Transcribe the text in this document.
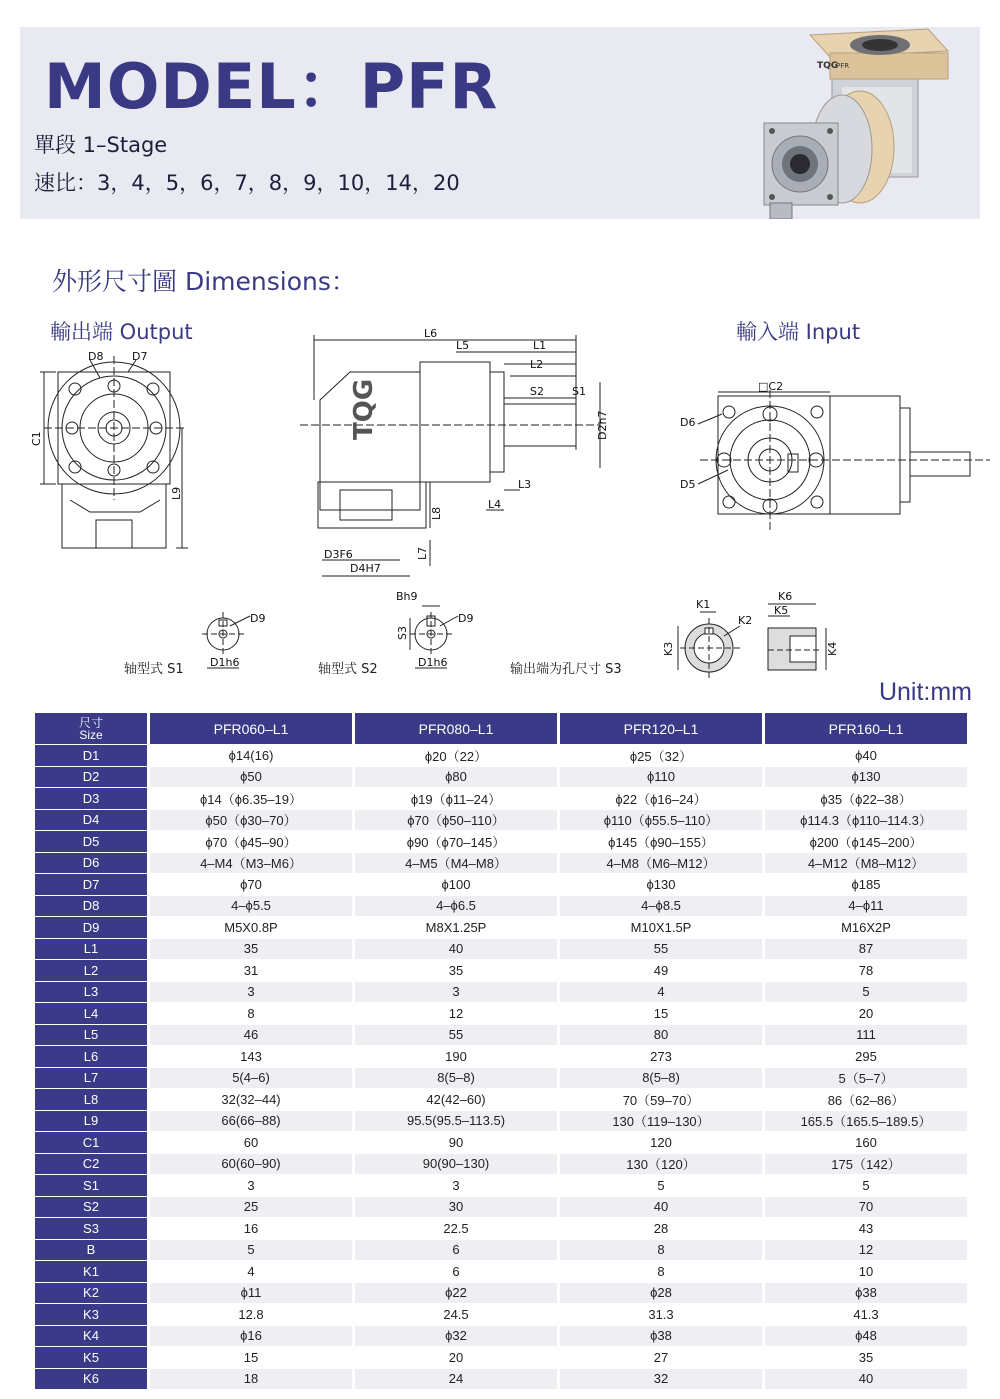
MODEL：PFR
單段 1–Stage
速比：3，4，5，6，7，8，9，10，14，20
TQG
PFR
外形尺寸圖 Dimensions：
輸出端 Output	輸入端 Input
D8	D7
C1
L9
L6
L5	L1
L2
S2	S1
D2h7
L3
L4
L8
L7
D3F6
D4H7
TQG	□C2
D6
D5
D9
D1h6
Bh9
S3
D9
D1h6
K1
K2
K3	K4
K5
K6
轴型式 S1	轴型式 S2	输出端为孔尺寸 S3
Unit:mm
尺寸
Size	PFR060–L1	PFR080–L1	PFR120–L1	PFR160–L1
D1	ϕ14(16)	ϕ20（22）	ϕ25（32）	ϕ40
D2	ϕ50	ϕ80	ϕ110	ϕ130
D3	ϕ14（ϕ6.35–19）	ϕ19（ϕ11–24）	ϕ22（ϕ16–24）	ϕ35（ϕ22–38）
D4	ϕ50（ϕ30–70）	ϕ70（ϕ50–110）	ϕ110（ϕ55.5–110）	ϕ114.3（ϕ110–114.3）
D5	ϕ70（ϕ45–90）	ϕ90（ϕ70–145）	ϕ145（ϕ90–155）	ϕ200（ϕ145–200）
D6	4–M4（M3–M6）	4–M5（M4–M8）	4–M8（M6–M12）	4–M12（M8–M12）
D7	ϕ70	ϕ100	ϕ130	ϕ185
D8	4–ϕ5.5	4–ϕ6.5	4–ϕ8.5	4–ϕ11
D9	M5X0.8P	M8X1.25P	M10X1.5P	M16X2P
L1	35	40	55	87
L2	31	35	49	78
L3	3	3	4	5
L4	8	12	15	20
L5	46	55	80	111
L6	143	190	273	295
L7	5(4–6)	8(5–8)	8(5–8)	5（5–7）
L8	32(32–44)	42(42–60)	70（59–70）	86（62–86）
L9	66(66–88)	95.5(95.5–113.5)	130（119–130）	165.5（165.5–189.5）
C1	60	90	120	160
C2	60(60–90)	90(90–130)	130（120）	175（142）
S1	3	3	5	5
S2	25	30	40	70
S3	16	22.5	28	43
B	5	6	8	12
K1	4	6	8	10
K2	ϕ11	ϕ22	ϕ28	ϕ38
K3	12.8	24.5	31.3	41.3
K4	ϕ16	ϕ32	ϕ38	ϕ48
K5	15	20	27	35
K6	18	24	32	40
